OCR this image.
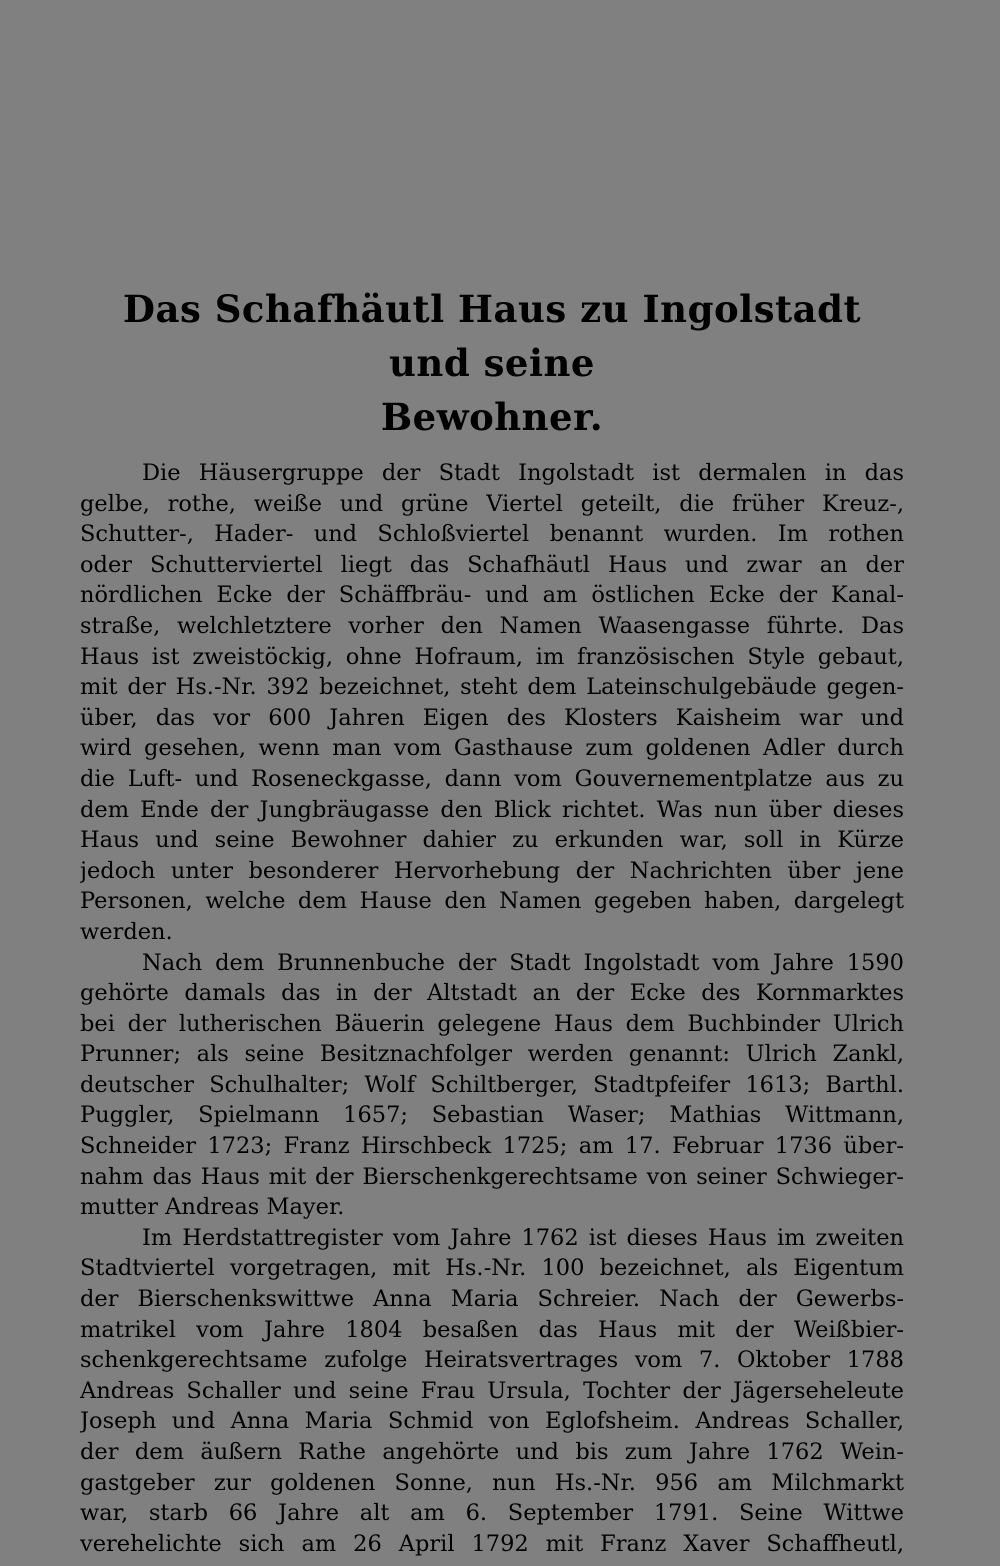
Das Schafhäutl Haus zu Ingolstadt und seine
Bewohner.
Die Häusergruppe der Stadt Ingolstadt ist dermalen in das
gelbe, rothe, weiße und grüne Viertel geteilt, die früher Kreuz-,
Schutter-, Hader- und Schloßviertel benannt wurden. Im rothen
oder Schutterviertel liegt das Schafhäutl Haus und zwar an der
nördlichen Ecke der Schäffbräu- und am östlichen Ecke der Kanal-
straße, welchletztere vorher den Namen Waasengasse führte. Das
Haus ist zweistöckig, ohne Hofraum, im französischen Style gebaut,
mit der Hs.-Nr. 392 bezeichnet, steht dem Lateinschulgebäude gegen-
über, das vor 600 Jahren Eigen des Klosters Kaisheim war und
wird gesehen, wenn man vom Gasthause zum goldenen Adler durch
die Luft- und Roseneckgasse, dann vom Gouvernementplatze aus zu
dem Ende der Jungbräugasse den Blick richtet. Was nun über dieses
Haus und seine Bewohner dahier zu erkunden war, soll in Kürze
jedoch unter besonderer Hervorhebung der Nachrichten über jene
Personen, welche dem Hause den Namen gegeben haben, dargelegt
werden.
Nach dem Brunnenbuche der Stadt Ingolstadt vom Jahre 1590
gehörte damals das in der Altstadt an der Ecke des Kornmarktes
bei der lutherischen Bäuerin gelegene Haus dem Buchbinder Ulrich
Prunner; als seine Besitznachfolger werden genannt: Ulrich Zankl,
deutscher Schulhalter; Wolf Schiltberger, Stadtpfeifer 1613; Barthl.
Puggler, Spielmann 1657; Sebastian Waser; Mathias Wittmann,
Schneider 1723; Franz Hirschbeck 1725; am 17. Februar 1736 über-
nahm das Haus mit der Bierschenkgerechtsame von seiner Schwieger-
mutter Andreas Mayer.
Im Herdstattregister vom Jahre 1762 ist dieses Haus im zweiten
Stadtviertel vorgetragen, mit Hs.-Nr. 100 bezeichnet, als Eigentum
der Bierschenkswittwe Anna Maria Schreier. Nach der Gewerbs-
matrikel vom Jahre 1804 besaßen das Haus mit der Weißbier-
schenkgerechtsame zufolge Heiratsvertrages vom 7. Oktober 1788
Andreas Schaller und seine Frau Ursula, Tochter der Jägerseheleute
Joseph und Anna Maria Schmid von Eglofsheim. Andreas Schaller,
der dem äußern Rathe angehörte und bis zum Jahre 1762 Wein-
gastgeber zur goldenen Sonne, nun Hs.-Nr. 956 am Milchmarkt
war, starb 66 Jahre alt am 6. September 1791. Seine Wittwe
verehelichte sich am 26 April 1792 mit Franz Xaver Schaffheutl,
